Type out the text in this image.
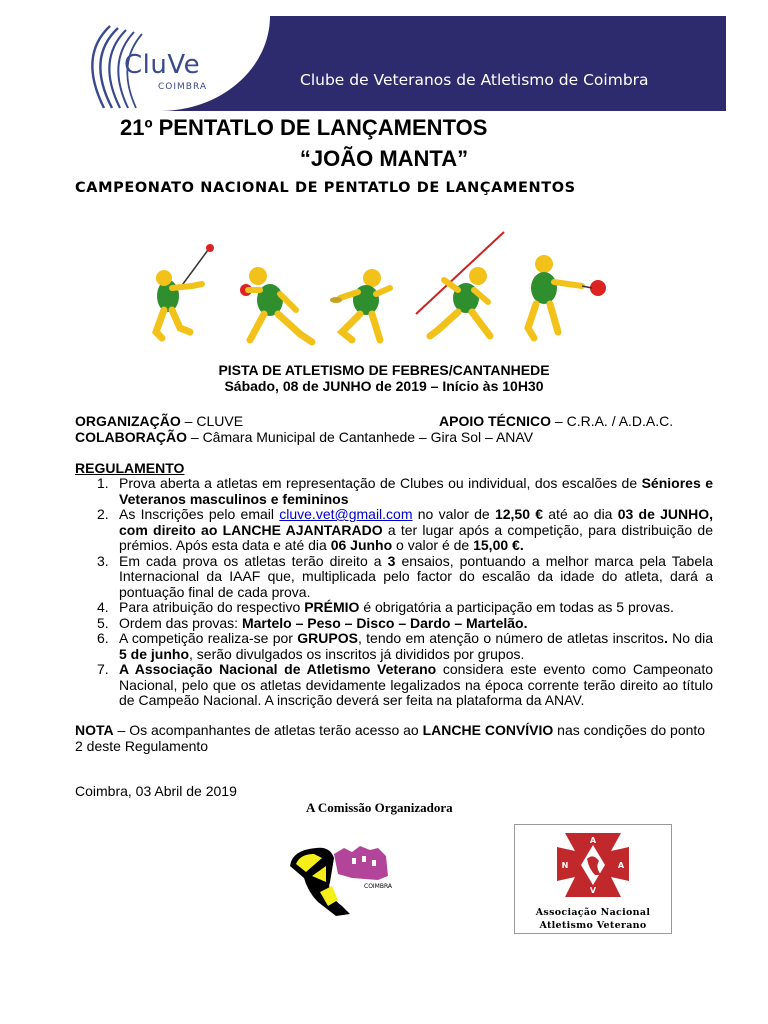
CluVe
COIMBRA	Clube de Veteranos de Atletismo de Coimbra
21º PENTATLO DE LANÇAMENTOS
“JOÃO MANTA”
CAMPEONATO NACIONAL DE PENTATLO DE LANÇAMENTOS
PISTA DE ATLETISMO DE FEBRES/CANTANHEDE
Sábado, 08 de JUNHO de 2019 – Início às 10H30
ORGANIZAÇÃO – CLUVE	APOIO TÉCNICO – C.R.A. / A.D.A.C.
COLABORAÇÃO – Câmara Municipal de Cantanhede – Gira Sol – ANAV
REGULAMENTO
1. Prova aberta a atletas em representação de Clubes ou individual, dos escalões de Séniores e Veteranos masculinos e femininos
2. As Inscrições pelo email cluve.vet@gmail.com no valor de 12,50 € até ao dia 03 de JUNHO, com direito ao LANCHE AJANTARADO a ter lugar após a competição, para distribuição de prémios. Após esta data e até dia 06 Junho o valor é de 15,00 €.
3. Em cada prova os atletas terão direito a 3 ensaios, pontuando a melhor marca pela Tabela Internacional da IAAF que, multiplicada pelo factor do escalão da idade do atleta, dará a pontuação final de cada prova.
4. Para atribuição do respectivo PRÉMIO é obrigatória a participação em todas as 5 provas.
5. Ordem das provas: Martelo – Peso – Disco – Dardo – Martelão.
6. A competição realiza-se por GRUPOS, tendo em atenção o número de atletas inscritos. No dia 5 de junho, serão divulgados os inscritos já divididos por grupos.
7. A Associação Nacional de Atletismo Veterano considera este evento como Campeonato Nacional, pelo que os atletas devidamente legalizados na época corrente terão direito ao título de Campeão Nacional. A inscrição deverá ser feita na plataforma da ANAV.
NOTA – Os acompanhantes de atletas terão acesso ao LANCHE CONVÍVIO nas condições do ponto 2 deste Regulamento
Coimbra, 03 Abril de 2019
A Comissão Organizadora
COIMBRA
A
N	A
V
Associação Nacional
Atletismo Veterano
